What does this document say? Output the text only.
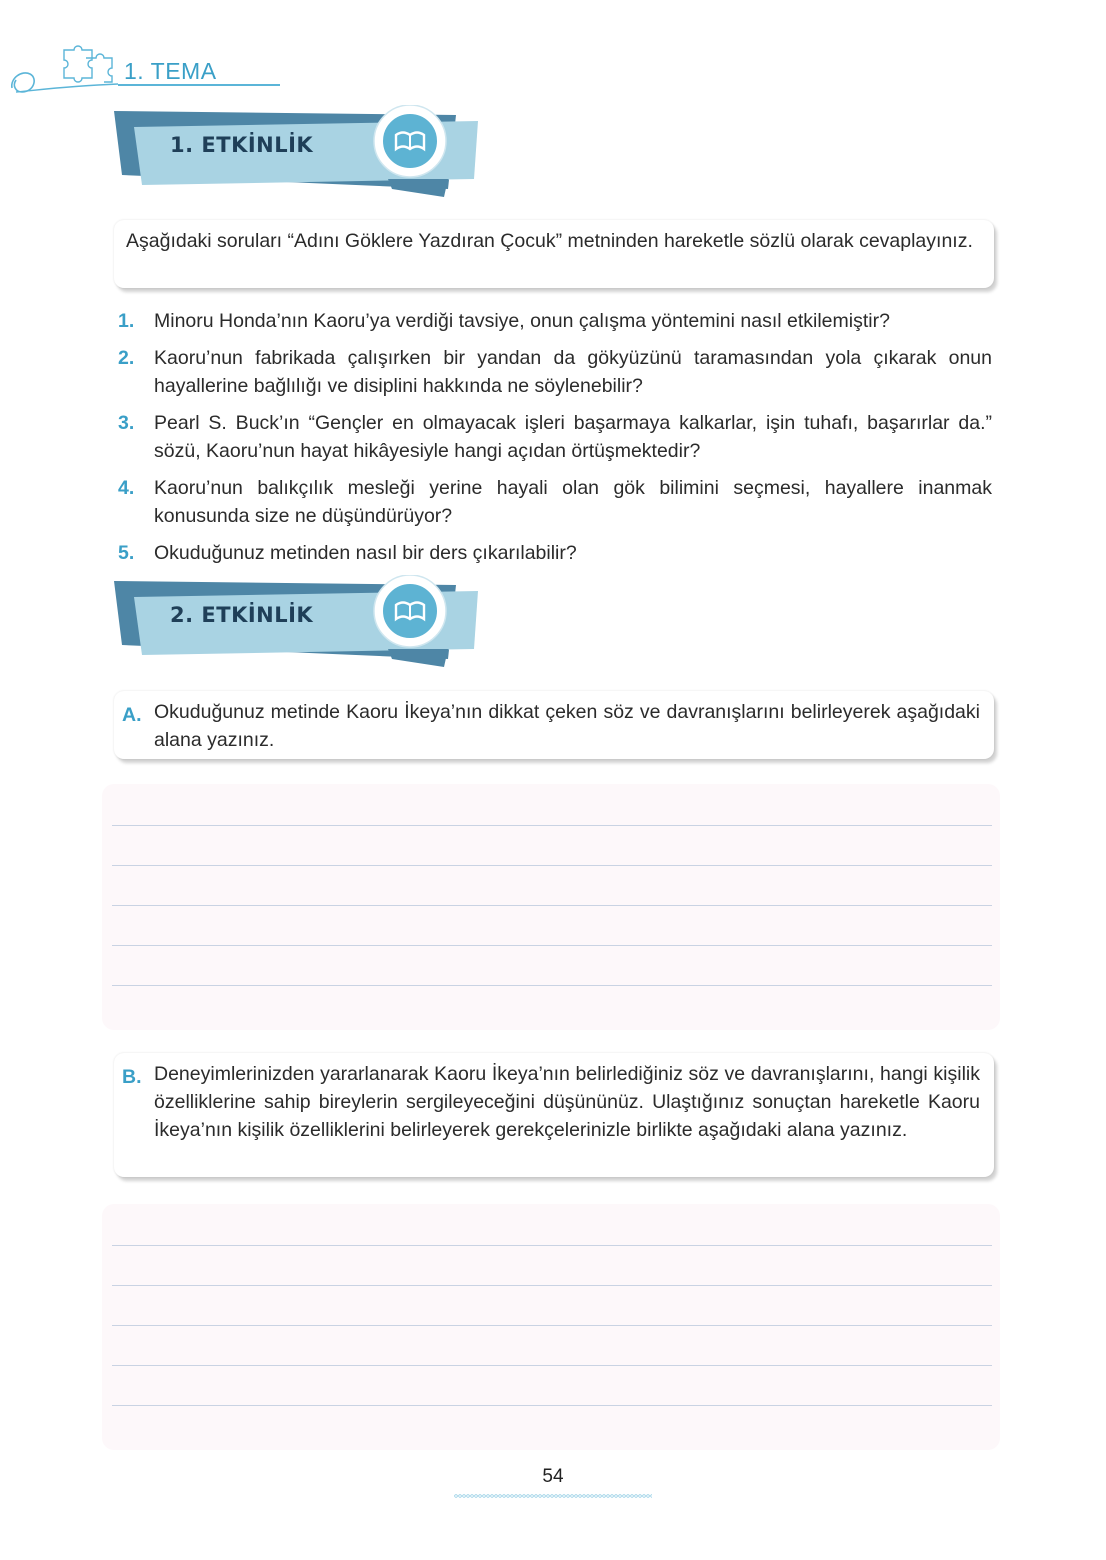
1. TEMA
1. ETKİNLİK
Aşağıdaki soruları “Adını Göklere Yazdıran Çocuk” metninden hareketle sözlü olarak cevaplayınız.
1. Minoru Honda’nın Kaoru’ya verdiği tavsiye, onun çalışma yöntemini nasıl etkilemiştir?
2. Kaoru’nun fabrikada çalışırken bir yandan da gökyüzünü taramasından yola çıkarak onun hayallerine bağlılığı ve disiplini hakkında ne söylenebilir?
3. Pearl S. Buck’ın “Gençler en olmayacak işleri başarmaya kalkarlar, işin tuhafı, başarırlar da.” sözü, Kaoru’nun hayat hikâyesiyle hangi açıdan örtüşmektedir?
4. Kaoru’nun balıkçılık mesleği yerine hayali olan gök bilimini seçmesi, hayallere inanmak konusunda size ne düşündürüyor?
5. Okuduğunuz metinden nasıl bir ders çıkarılabilir?
2. ETKİNLİK
A. Okuduğunuz metinde Kaoru İkeya’nın dikkat çeken söz ve davranışlarını belirleyerek aşağıdaki alana yazınız.
B. Deneyimlerinizden yararlanarak Kaoru İkeya’nın belirlediğiniz söz ve davranışlarını, hangi kişilik özelliklerine sahip bireylerin sergileyeceğini düşününüz. Ulaştığınız sonuçtan hareketle Kaoru İkeya’nın kişilik özelliklerini belirleyerek gerekçelerinizle birlikte aşağıdaki alana yazınız.
54
